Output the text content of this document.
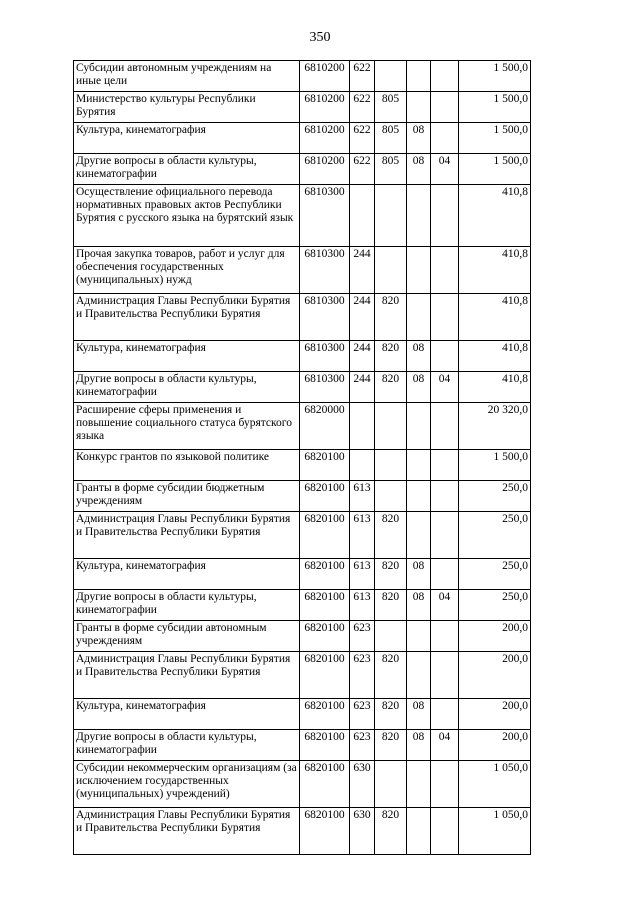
350
Субсидии автономным учреждениям на иные цели	6810200	622				1 500,0
Министерство культуры Республики Бурятия	6810200	622	805			1 500,0
Культура, кинематография	6810200	622	805	08		1 500,0
Другие вопросы в области культуры, кинематографии	6810200	622	805	08	04	1 500,0
Осуществление официального перевода нормативных правовых актов Республики Бурятия с русского языка на бурятский язык	6810300					410,8
Прочая закупка товаров, работ и услуг для обеспечения государственных (муниципальных) нужд	6810300	244				410,8
Администрация Главы Республики Бурятия и Правительства Республики Бурятия	6810300	244	820			410,8
Культура, кинематография	6810300	244	820	08		410,8
Другие вопросы в области культуры, кинематографии	6810300	244	820	08	04	410,8
Расширение сферы применения и повышение социального статуса бурятского языка	6820000					20 320,0
Конкурс грантов по языковой политике	6820100					1 500,0
Гранты в форме субсидии бюджетным учреждениям	6820100	613				250,0
Администрация Главы Республики Бурятия и Правительства Республики Бурятия	6820100	613	820			250,0
Культура, кинематография	6820100	613	820	08		250,0
Другие вопросы в области культуры, кинематографии	6820100	613	820	08	04	250,0
Гранты в форме субсидии автономным учреждениям	6820100	623				200,0
Администрация Главы Республики Бурятия и Правительства Республики Бурятия	6820100	623	820			200,0
Культура, кинематография	6820100	623	820	08		200,0
Другие вопросы в области культуры, кинематографии	6820100	623	820	08	04	200,0
Субсидии некоммерческим организациям (за исключением государственных (муниципальных) учреждений)	6820100	630				1 050,0
Администрация Главы Республики Бурятия и Правительства Республики Бурятия	6820100	630	820			1 050,0
